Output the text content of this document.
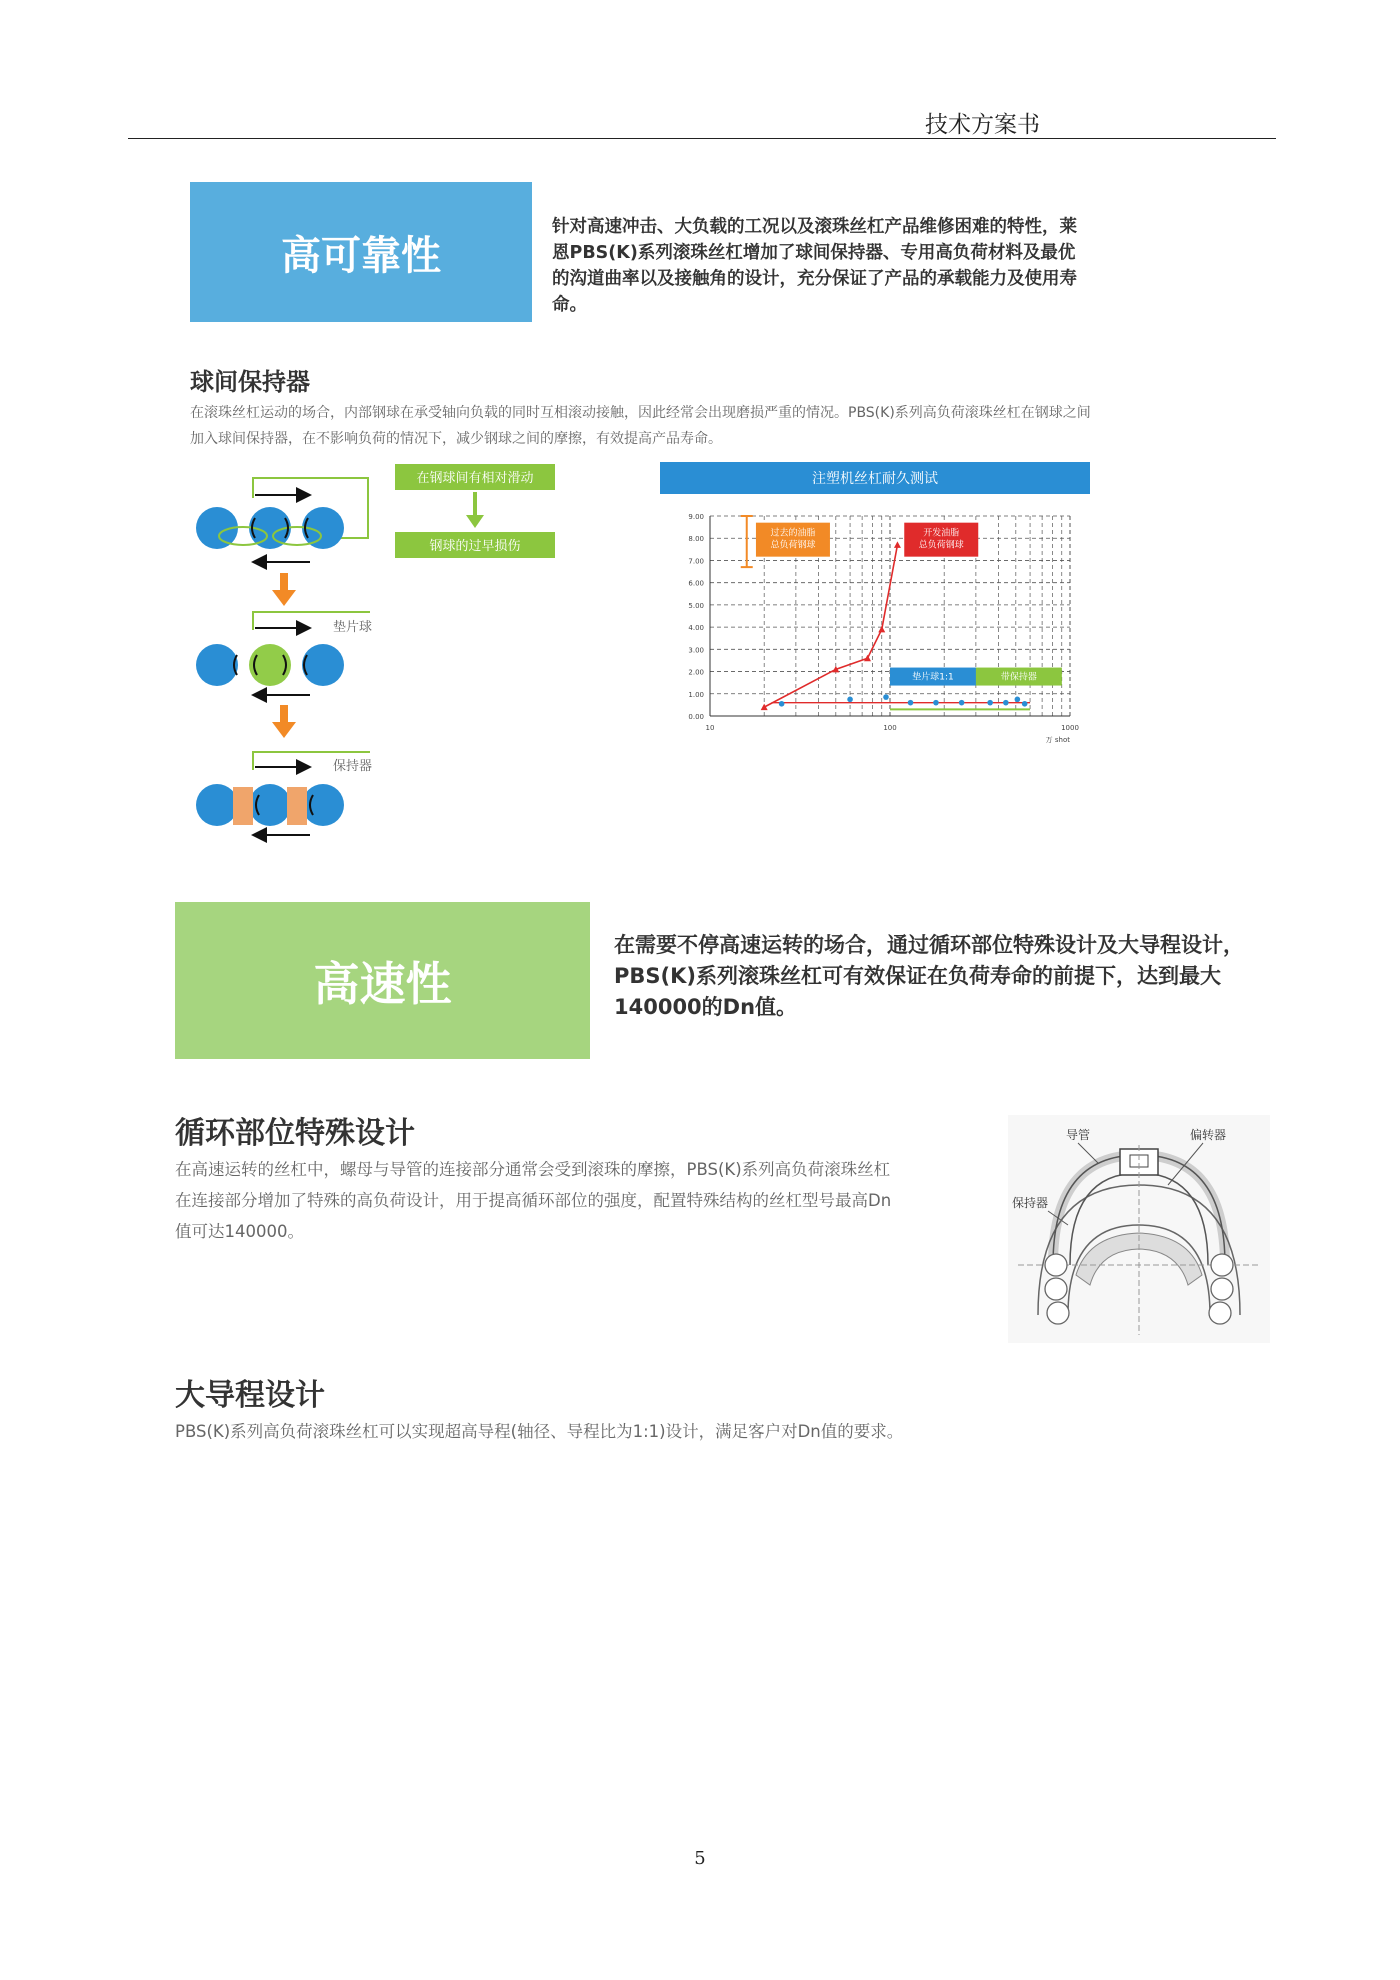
技术方案书
高可靠性
针对高速冲击、大负载的工况以及滚珠丝杠产品维修困难的特性，莱恩PBS(K)系列滚珠丝杠增加了球间保持器、专用高负荷材料及最优的沟道曲率以及接触角的设计，充分保证了产品的承载能力及使用寿命。
球间保持器
在滚珠丝杠运动的场合，内部钢球在承受轴向负载的同时互相滚动接触，因此经常会出现磨损严重的情况。PBS(K)系列高负荷滚珠丝杠在钢球之间加入球间保持器，在不影响负荷的情况下，减少钢球之间的摩擦，有效提高产品寿命。
在钢球间有相对滑动
钢球的过早损伤
垫片球
保持器
注塑机丝杠耐久测试
0.00
1.00
2.00
3.00
4.00
5.00
6.00
7.00
8.00
9.00
10	100	1000
万 shot
过去的油脂
总负荷钢球
开发油脂
总负荷钢球
垫片球1:1	带保持器
高速性
在需要不停高速运转的场合，通过循环部位特殊设计及大导程设计，PBS(K)系列滚珠丝杠可有效保证在负荷寿命的前提下，达到最大140000的Dn值。
循环部位特殊设计
在高速运转的丝杠中，螺母与导管的连接部分通常会受到滚珠的摩擦，PBS(K)系列高负荷滚珠丝杠在连接部分增加了特殊的高负荷设计，用于提高循环部位的强度，配置特殊结构的丝杠型号最高Dn值可达140000。
导管	偏转器
保持器
大导程设计
PBS(K)系列高负荷滚珠丝杠可以实现超高导程(轴径、导程比为1:1)设计，满足客户对Dn值的要求。
5
